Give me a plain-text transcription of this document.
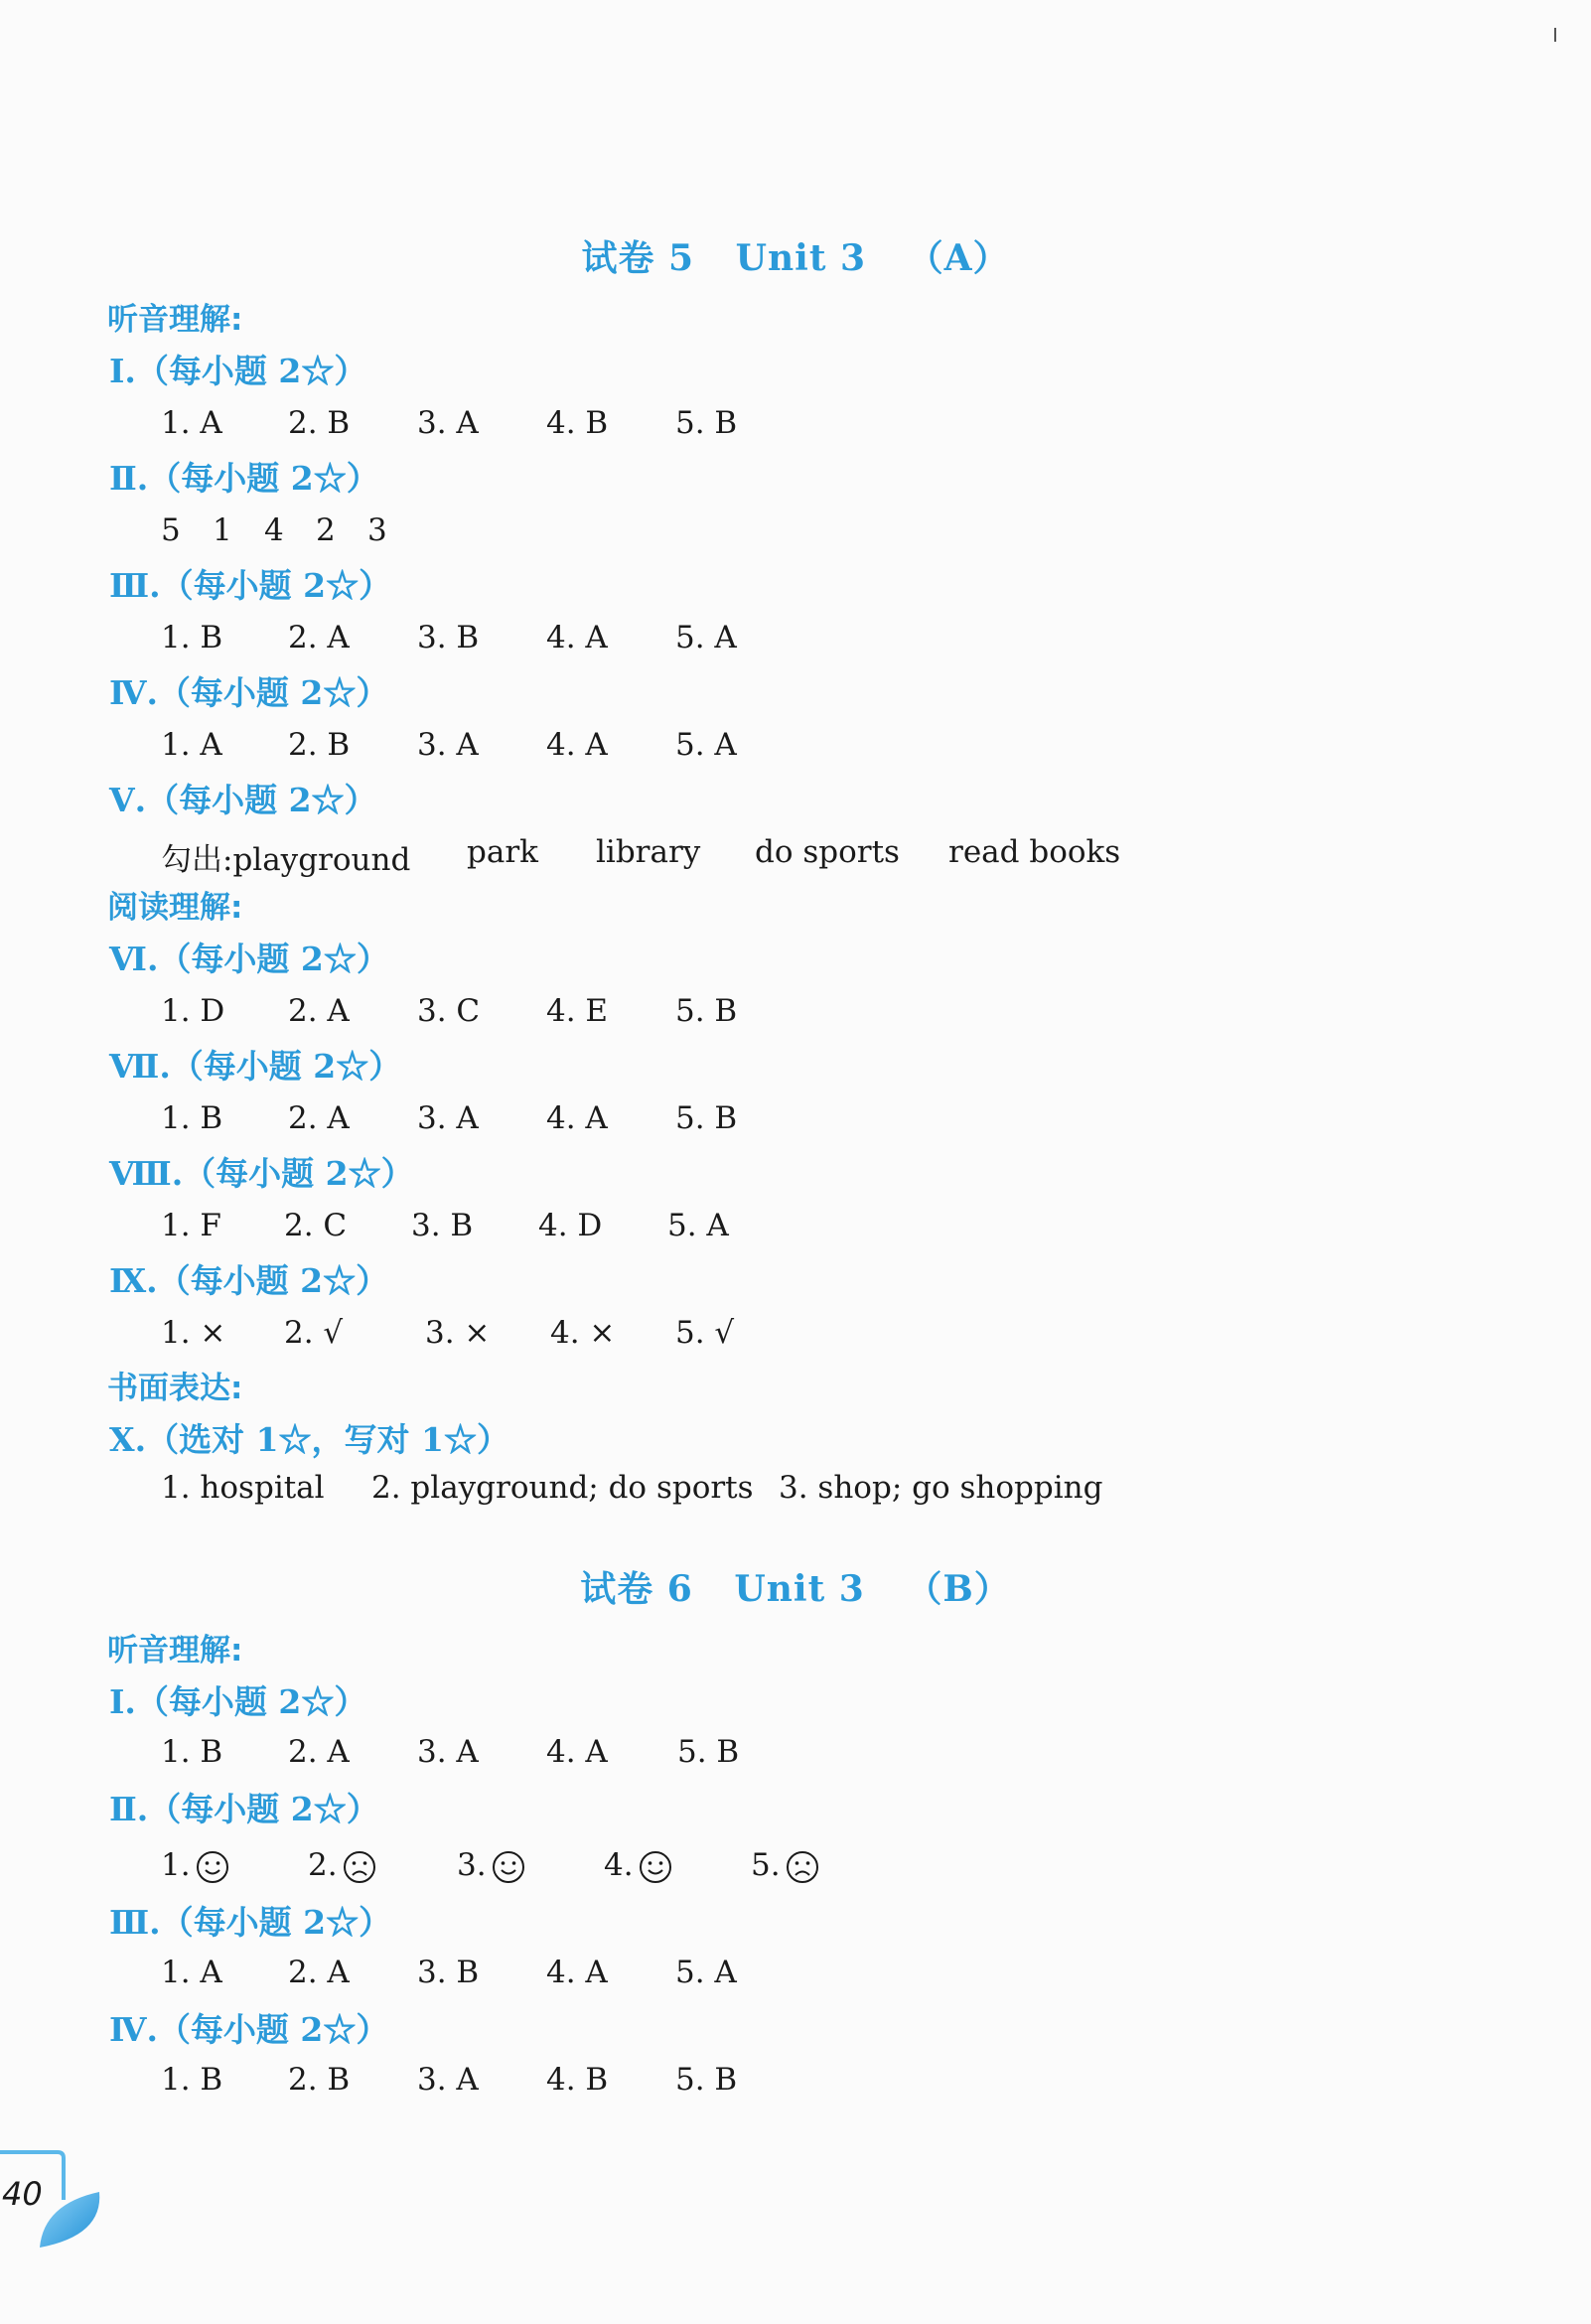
试卷 5 Unit 3 （A）
听音理解:
Ⅰ.（每小题 2☆）
1. A 2. B 3. A 4. B 5. B
Ⅱ.（每小题 2☆）
5 1 4 2 3
Ⅲ.（每小题 2☆）
1. B 2. A 3. B 4. A 5. A
Ⅳ.（每小题 2☆）
1. A 2. B 3. A 4. A 5. A
Ⅴ.（每小题 2☆）
勾出:playground park library do sports read books
阅读理解:
Ⅵ.（每小题 2☆）
1. D 2. A 3. C 4. E 5. B
Ⅶ.（每小题 2☆）
1. B 2. A 3. A 4. A 5. B
Ⅷ.（每小题 2☆）
1. F 2. C 3. B 4. D 5. A
Ⅸ.（每小题 2☆）
1. × 2. √	3. × 4. × 5. √
书面表达:
Ⅹ.（选对 1☆，写对 1☆）
1. hospital 2. playground; do sports 3. shop; go shopping
试卷 6 Unit 3 （B）
听音理解:
Ⅰ.（每小题 2☆）
1. B 2. A 3. A 4. A 5. B
Ⅱ.（每小题 2☆）
1.	2.	3.	4.	5.
Ⅲ.（每小题 2☆）
1. A 2. A 3. B 4. A 5. A
Ⅳ.（每小题 2☆）
1. B 2. B 3. A 4. B 5. B
40
